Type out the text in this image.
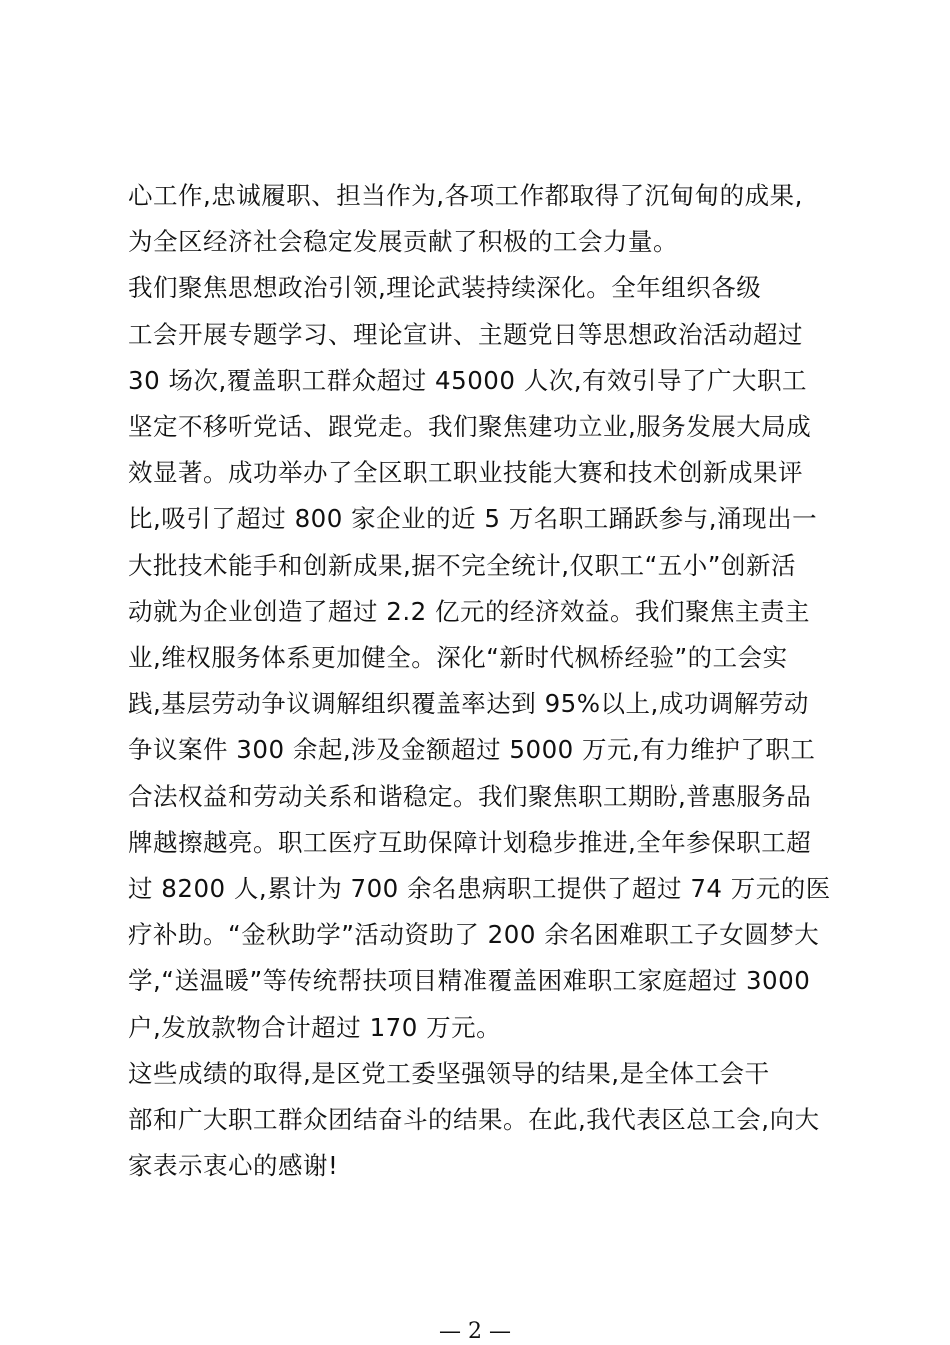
心工作,忠诚履职、担当作为,各项工作都取得了沉甸甸的成果,
为全区经济社会稳定发展贡献了积极的工会力量。

我们聚焦思想政治引领,理论武装持续深化。全年组织各级
工会开展专题学习、理论宣讲、主题党日等思想政治活动超过
30 场次,覆盖职工群众超过 45000 人次,有效引导了广大职工
坚定不移听党话、跟党走。我们聚焦建功立业,服务发展大局成
效显著。成功举办了全区职工职业技能大赛和技术创新成果评
比,吸引了超过 800 家企业的近 5 万名职工踊跃参与,涌现出一
大批技术能手和创新成果,据不完全统计,仅职工“五小”创新活
动就为企业创造了超过 2.2 亿元的经济效益。我们聚焦主责主
业,维权服务体系更加健全。深化“新时代枫桥经验”的工会实
践,基层劳动争议调解组织覆盖率达到 95%以上,成功调解劳动
争议案件 300 余起,涉及金额超过 5000 万元,有力维护了职工
合法权益和劳动关系和谐稳定。我们聚焦职工期盼,普惠服务品
牌越擦越亮。职工医疗互助保障计划稳步推进,全年参保职工超
过 8200 人,累计为 700 余名患病职工提供了超过 74 万元的医
疗补助。“金秋助学”活动资助了 200 余名困难职工子女圆梦大
学,“送温暖”等传统帮扶项目精准覆盖困难职工家庭超过 3000
户,发放款物合计超过 170 万元。

这些成绩的取得,是区党工委坚强领导的结果,是全体工会干
部和广大职工群众团结奋斗的结果。在此,我代表区总工会,向大
家表示衷心的感谢!

— 2 —
